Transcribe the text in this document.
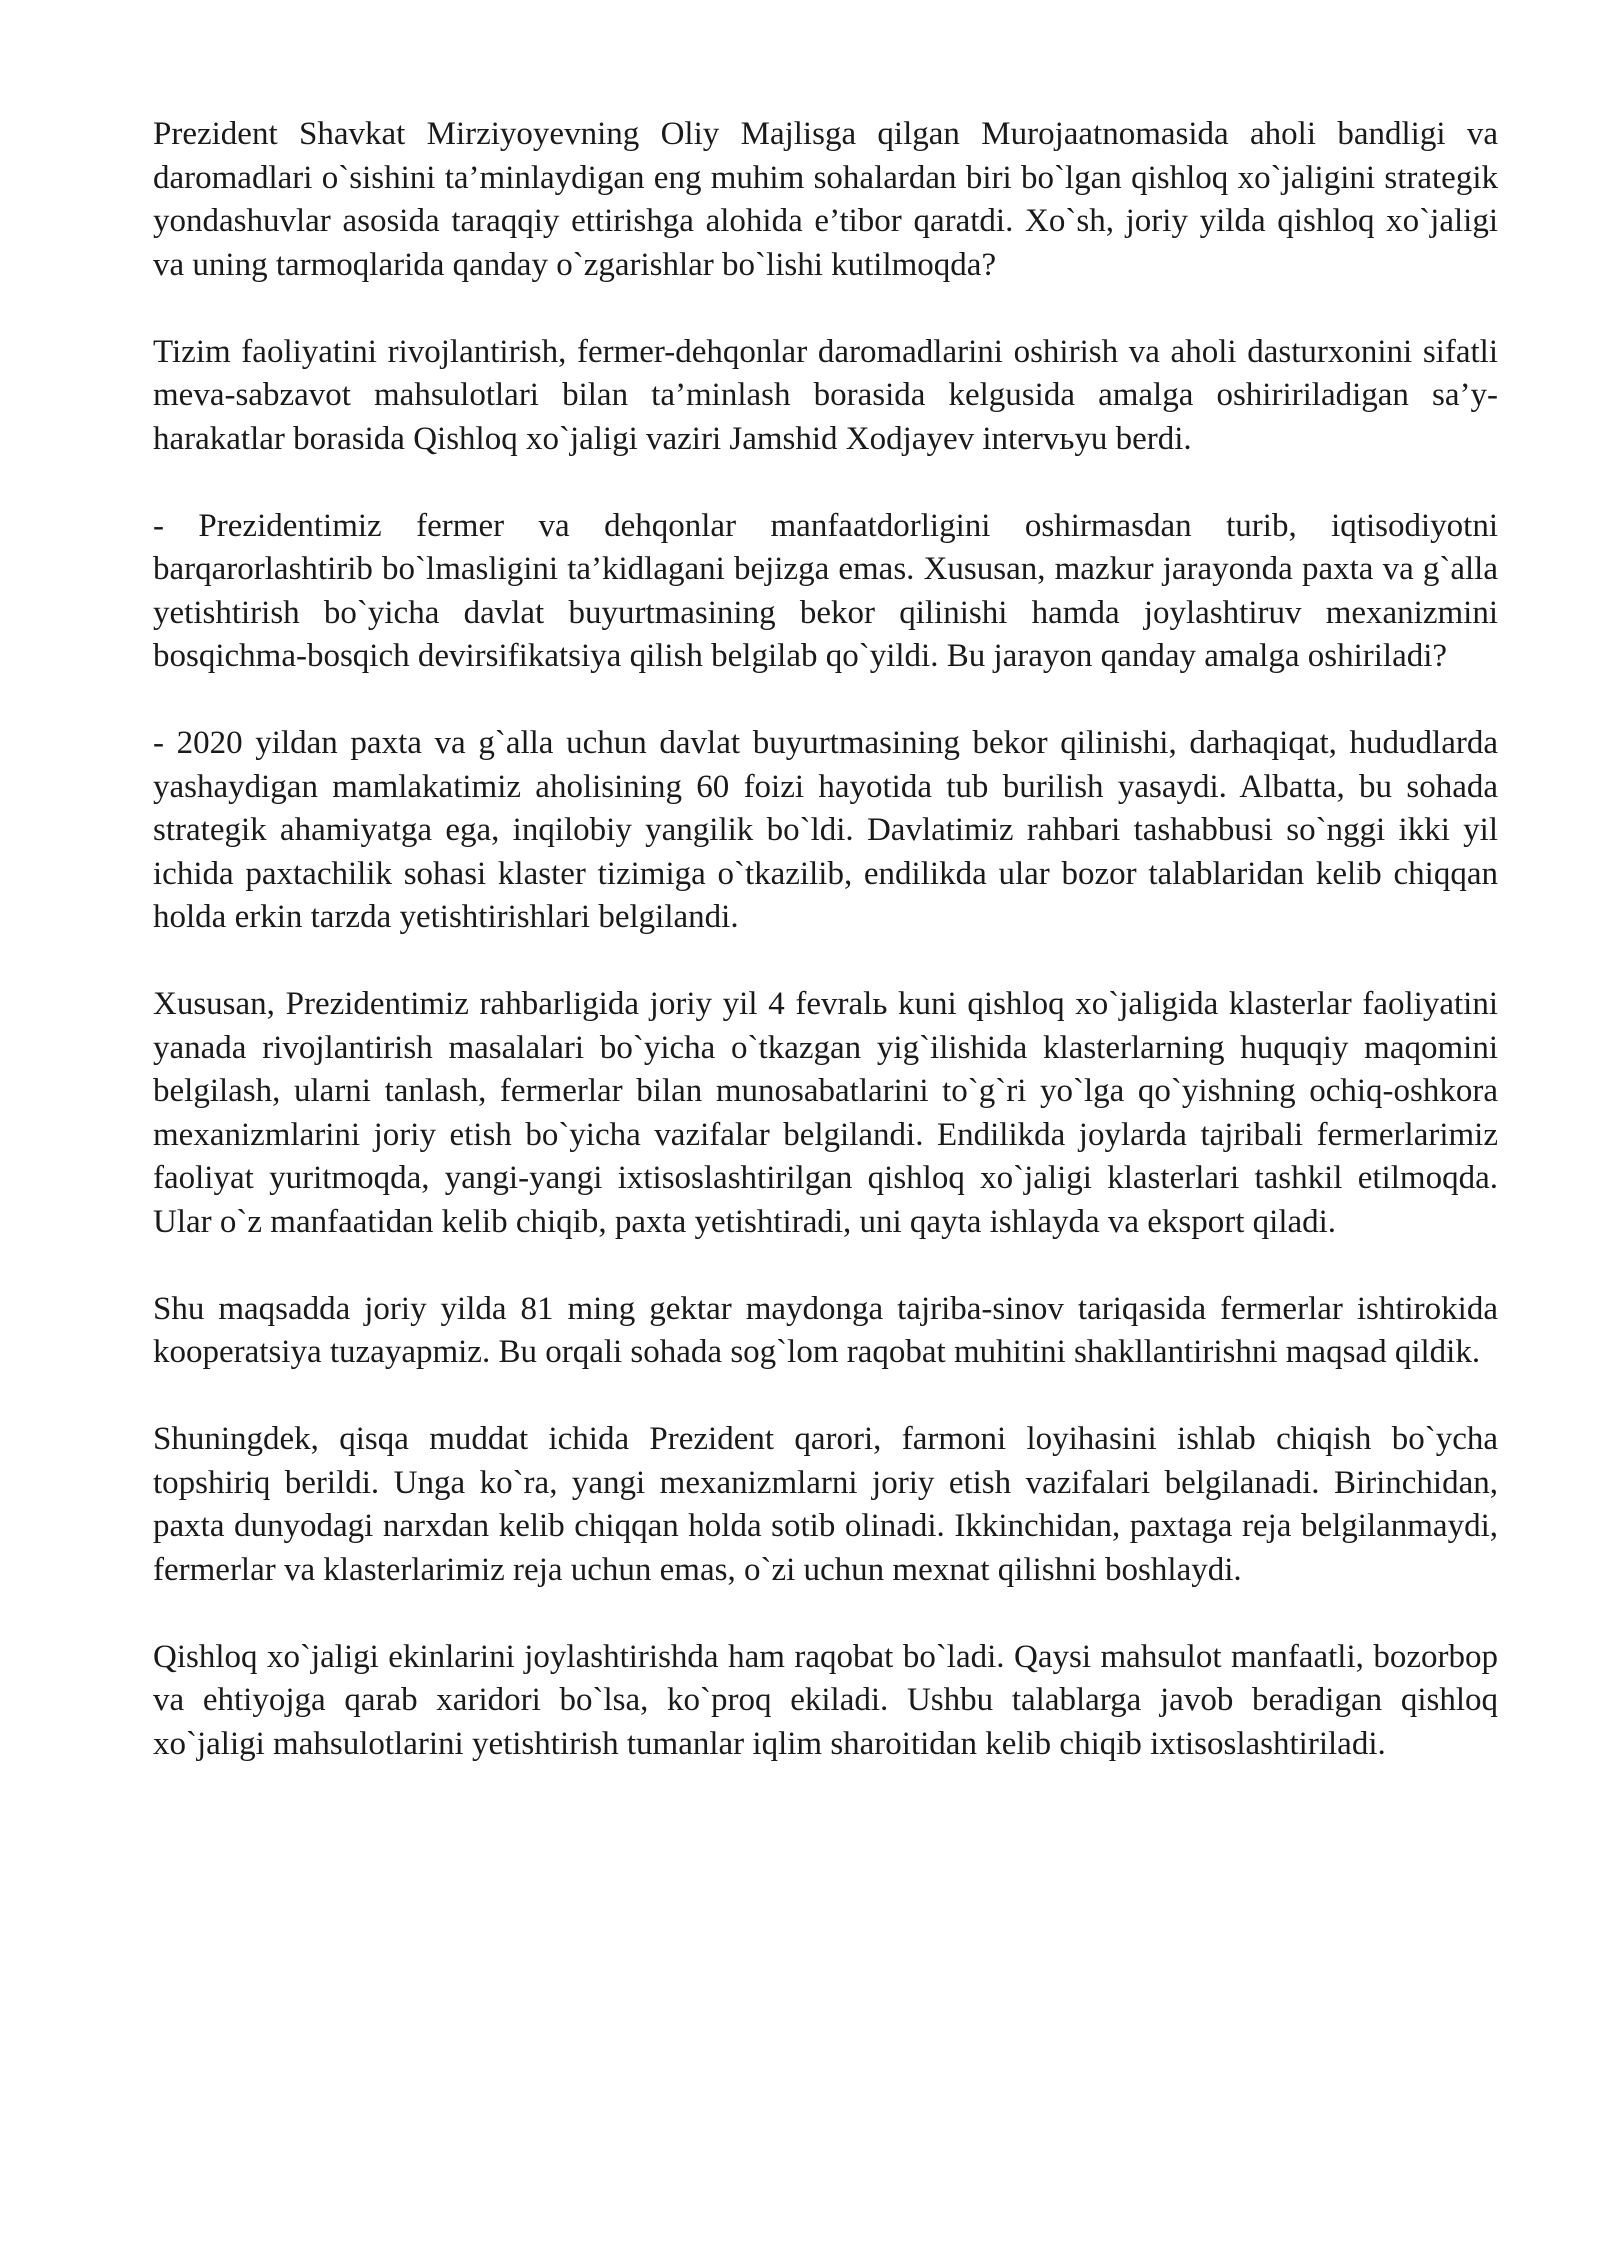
Prezident Shavkat Mirziyoyevning Oliy Majlisga qilgan Murojaatnomasida aholi bandligi va daromadlari o`sishini ta’minlaydigan eng muhim sohalardan biri bo`lgan qishloq xo`jaligini strategik yondashuvlar asosida taraqqiy ettirishga alohida e’tibor qaratdi. Xo`sh, joriy yilda qishloq xo`jaligi va uning tarmoqlarida qanday o`zgarishlar bo`lishi kutilmoqda?

Tizim faoliyatini rivojlantirish, fermer-dehqonlar daromadlarini oshirish va aholi dasturxonini sifatli meva-sabzavot mahsulotlari bilan ta’minlash borasida kelgusida amalga oshiririladigan sa’y-harakatlar borasida Qishloq xo`jaligi vaziri Jamshid Xodjayev intervьyu berdi.

- Prezidentimiz fermer va dehqonlar manfaatdorligini oshirmasdan turib, iqtisodiyotni barqarorlashtirib bo`lmasligini ta’kidlagani bejizga emas. Xususan, mazkur jarayonda paxta va g`alla yetishtirish bo`yicha davlat buyurtmasining bekor qilinishi hamda joylashtiruv mexanizmini bosqichma-bosqich devirsifikatsiya qilish belgilab qo`yildi. Bu jarayon qanday amalga oshiriladi?

- 2020 yildan paxta va g`alla uchun davlat buyurtmasining bekor qilinishi, darhaqiqat, hududlarda yashaydigan mamlakatimiz aholisining 60 foizi hayotida tub burilish yasaydi. Albatta, bu sohada strategik ahamiyatga ega, inqilobiy yangilik bo`ldi. Davlatimiz rahbari tashabbusi so`nggi ikki yil ichida paxtachilik sohasi klaster tizimiga o`tkazilib, endilikda ular bozor talablaridan kelib chiqqan holda erkin tarzda yetishtirishlari belgilandi.

Xususan, Prezidentimiz rahbarligida joriy yil 4 fevralь kuni qishloq xo`jaligida klasterlar faoliyatini yanada rivojlantirish masalalari bo`yicha o`tkazgan yig`ilishida klasterlarning huquqiy maqomini belgilash, ularni tanlash, fermerlar bilan munosabatlarini to`g`ri yo`lga qo`yishning ochiq-oshkora mexanizmlarini joriy etish bo`yicha vazifalar belgilandi. Endilikda joylarda tajribali fermerlarimiz faoliyat yuritmoqda, yangi-yangi ixtisoslashtirilgan qishloq xo`jaligi klasterlari tashkil etilmoqda. Ular o`z manfaatidan kelib chiqib, paxta yetishtiradi, uni qayta ishlayda va eksport qiladi.

Shu maqsadda joriy yilda 81 ming gektar maydonga tajriba-sinov tariqasida fermerlar ishtirokida kooperatsiya tuzayapmiz. Bu orqali sohada sog`lom raqobat muhitini shakllantirishni maqsad qildik.

Shuningdek, qisqa muddat ichida Prezident qarori, farmoni loyihasini ishlab chiqish bo`ycha topshiriq berildi. Unga ko`ra, yangi mexanizmlarni joriy etish vazifalari belgilanadi. Birinchidan, paxta dunyodagi narxdan kelib chiqqan holda sotib olinadi. Ikkinchidan, paxtaga reja belgilanmaydi, fermerlar va klasterlarimiz reja uchun emas, o`zi uchun mexnat qilishni boshlaydi.

Qishloq xo`jaligi ekinlarini joylashtirishda ham raqobat bo`ladi. Qaysi mahsulot manfaatli, bozorbop va ehtiyojga qarab xaridori bo`lsa, ko`proq ekiladi. Ushbu talablarga javob beradigan qishloq xo`jaligi mahsulotlarini yetishtirish tumanlar iqlim sharoitidan kelib chiqib ixtisoslashtiriladi.
